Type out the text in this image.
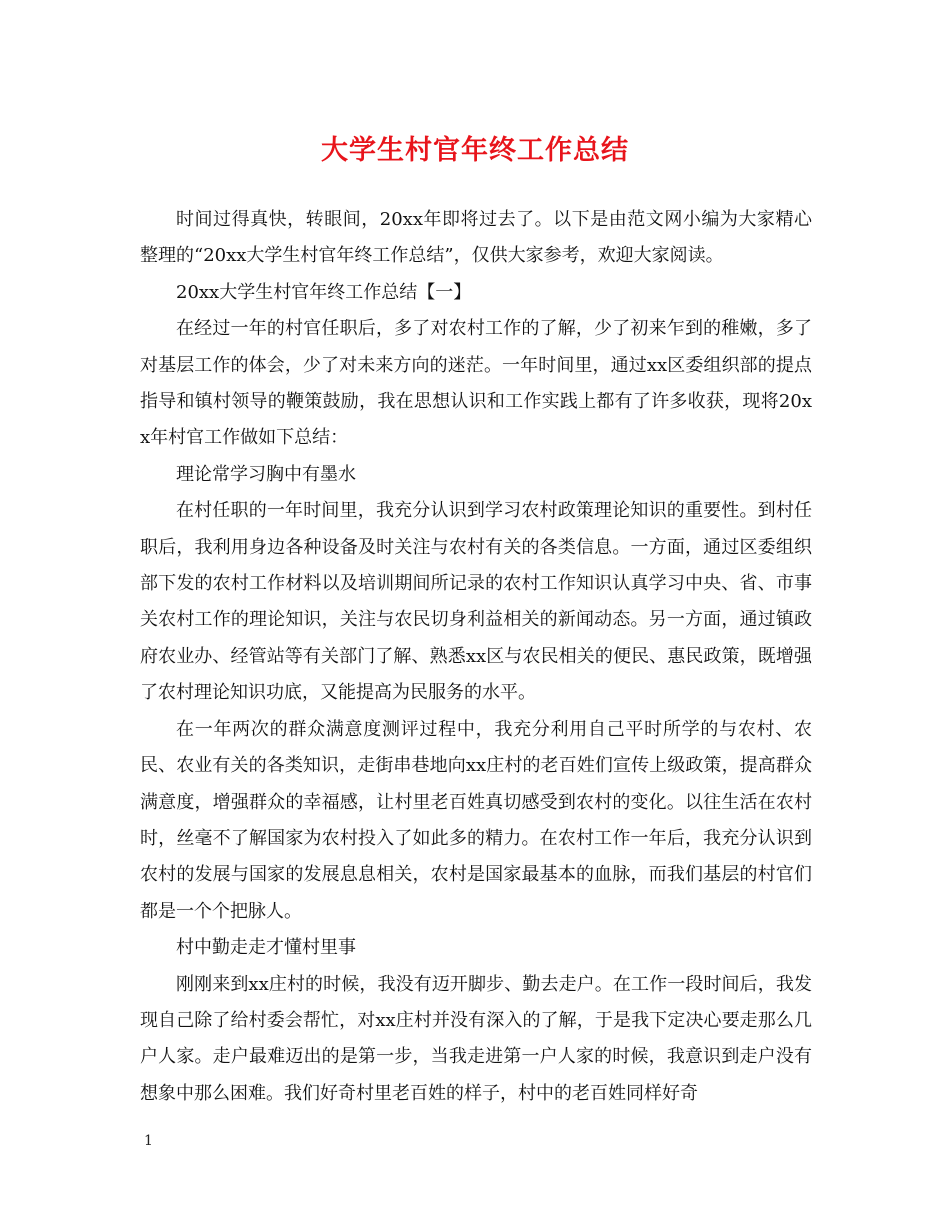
大学生村官年终工作总结

时间过得真快，转眼间，20xx年即将过去了。以下是由范文网小编为大家精心整理的“20xx大学生村官年终工作总结”，仅供大家参考，欢迎大家阅读。

20xx大学生村官年终工作总结【一】

在经过一年的村官任职后，多了对农村工作的了解，少了初来乍到的稚嫩，多了对基层工作的体会，少了对未来方向的迷茫。一年时间里，通过xx区委组织部的提点指导和镇村领导的鞭策鼓励，我在思想认识和工作实践上都有了许多收获，现将20xx年村官工作做如下总结：

理论常学习胸中有墨水

在村任职的一年时间里，我充分认识到学习农村政策理论知识的重要性。到村任职后，我利用身边各种设备及时关注与农村有关的各类信息。一方面，通过区委组织部下发的农村工作材料以及培训期间所记录的农村工作知识认真学习中央、省、市事关农村工作的理论知识，关注与农民切身利益相关的新闻动态。另一方面，通过镇政府农业办、经管站等有关部门了解、熟悉xx区与农民相关的便民、惠民政策，既增强了农村理论知识功底，又能提高为民服务的水平。

在一年两次的群众满意度测评过程中，我充分利用自己平时所学的与农村、农民、农业有关的各类知识，走街串巷地向xx庄村的老百姓们宣传上级政策，提高群众满意度，增强群众的幸福感，让村里老百姓真切感受到农村的变化。以往生活在农村时，丝毫不了解国家为农村投入了如此多的精力。在农村工作一年后，我充分认识到农村的发展与国家的发展息息相关，农村是国家最基本的血脉，而我们基层的村官们都是一个个把脉人。

村中勤走走才懂村里事

刚刚来到xx庄村的时候，我没有迈开脚步、勤去走户。在工作一段时间后，我发现自己除了给村委会帮忙，对xx庄村并没有深入的了解，于是我下定决心要走那么几户人家。走户最难迈出的是第一步，当我走进第一户人家的时候，我意识到走户没有想象中那么困难。我们好奇村里老百姓的样子，村中的老百姓同样好奇

1
